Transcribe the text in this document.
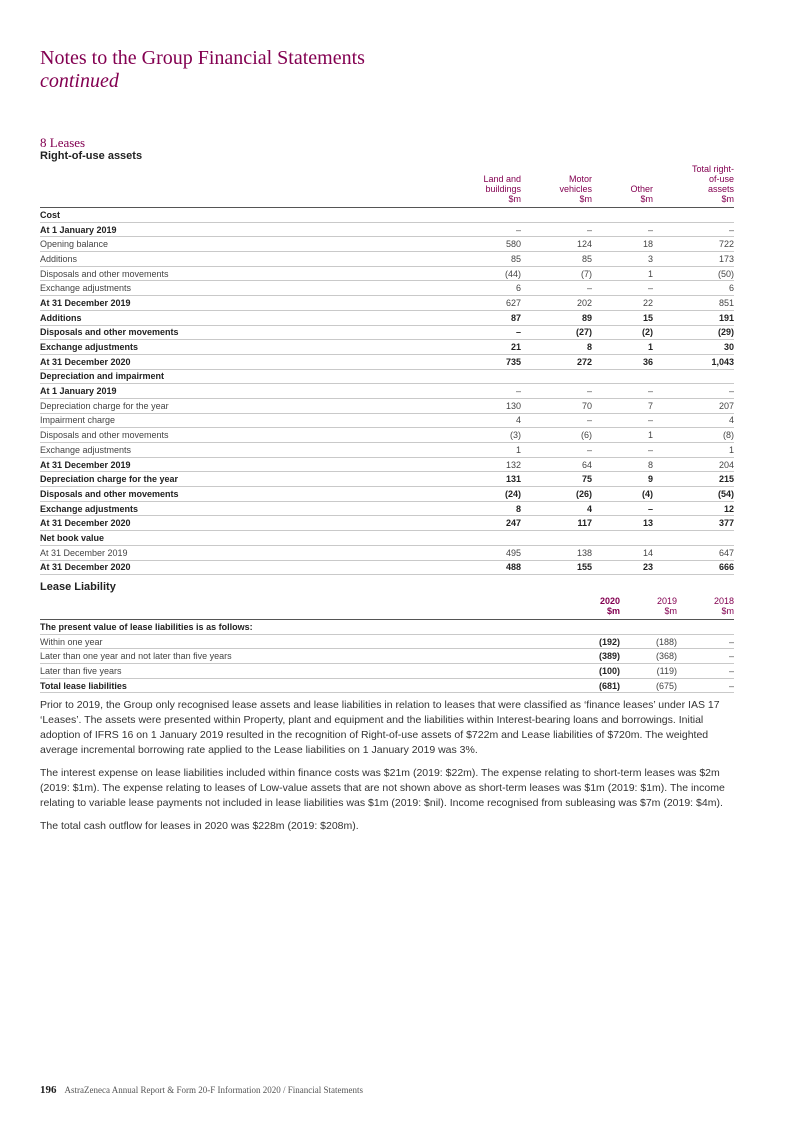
Notes to the Group Financial Statements
continued
8 Leases
Right-of-use assets
	Land and
buildings
$m	Motor
vehicles
$m	Other
$m	Total right-
of-use
assets
$m
Cost				
At 1 January 2019	–	–	–	–
Opening balance	580	124	18	722
Additions	85	85	3	173
Disposals and other movements	(44)	(7)	1	(50)
Exchange adjustments	6	–	–	6
At 31 December 2019	627	202	22	851
Additions	87	89	15	191
Disposals and other movements	–	(27)	(2)	(29)
Exchange adjustments	21	8	1	30
At 31 December 2020	735	272	36	1,043
Depreciation and impairment				
At 1 January 2019	–	–	–	–
Depreciation charge for the year	130	70	7	207
Impairment charge	4	–	–	4
Disposals and other movements	(3)	(6)	1	(8)
Exchange adjustments	1	–	–	1
At 31 December 2019	132	64	8	204
Depreciation charge for the year	131	75	9	215
Disposals and other movements	(24)	(26)	(4)	(54)
Exchange adjustments	8	4	–	12
At 31 December 2020	247	117	13	377
Net book value				
At 31 December 2019	495	138	14	647
At 31 December 2020	488	155	23	666
Lease Liability
	2020
$m	2019
$m	2018
$m
The present value of lease liabilities is as follows:			
Within one year	(192)	(188)	–
Later than one year and not later than five years	(389)	(368)	–
Later than five years	(100)	(119)	–
Total lease liabilities	(681)	(675)	–

Prior to 2019, the Group only recognised lease assets and lease liabilities in relation to leases that were classified as ‘finance leases’ under IAS 17 ‘Leases’. The assets were presented within Property, plant and equipment and the liabilities within Interest-bearing loans and borrowings. Initial adoption of IFRS 16 on 1 January 2019 resulted in the recognition of Right-of-use assets of $722m and Lease liabilities of $720m. The weighted average incremental borrowing rate applied to the Lease liabilities on 1 January 2019 was 3%.

The interest expense on lease liabilities included within finance costs was $21m (2019: $22m). The expense relating to short-term leases was $2m (2019: $1m). The expense relating to leases of Low-value assets that are not shown above as short-term leases was $1m (2019: $1m). The income relating to variable lease payments not included in lease liabilities was $1m (2019: $nil). Income recognised from subleasing was $7m (2019: $4m).

The total cash outflow for leases in 2020 was $228m (2019: $208m).

196 AstraZeneca Annual Report & Form 20-F Information 2020 / Financial Statements
